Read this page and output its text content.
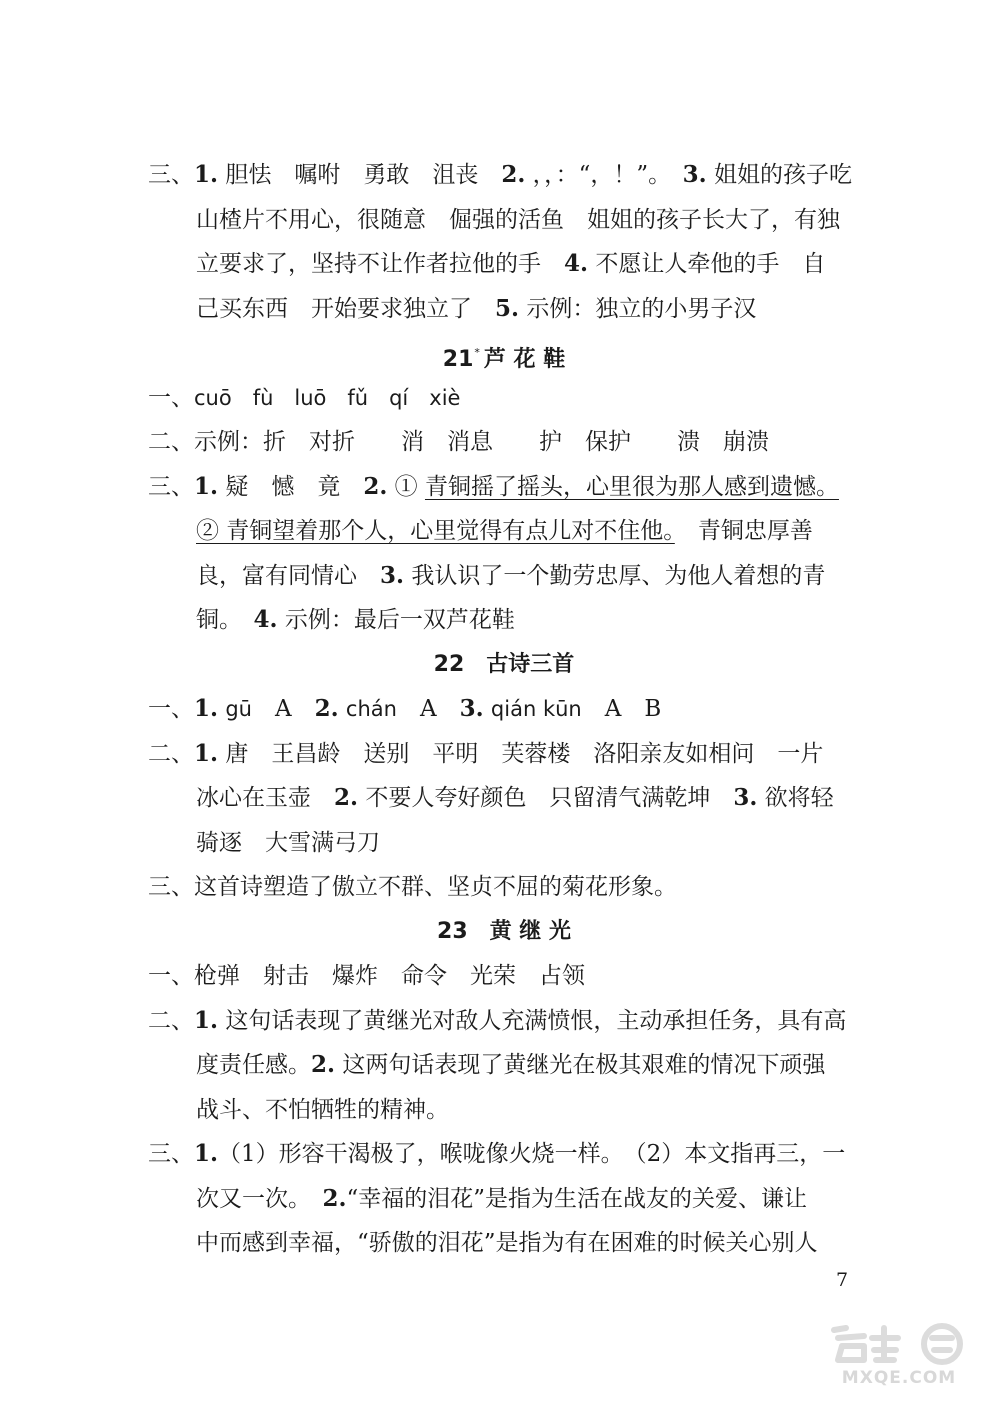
三、1. 胆怯　嘱咐　勇敢　沮丧　2. ，，：“，！”。　3. 姐姐的孩子吃
山楂片不用心，很随意　倔强的活鱼　姐姐的孩子长大了，有独
立要求了，坚持不让作者拉他的手　4. 不愿让人牵他的手　自
己买东西　开始要求独立了　5. 示例：独立的小男子汉
21* 芦 花 鞋
一、cuō　fù　luō　fǔ　qí　xiè
二、示例：折　对折　　消　消息　　护　保护　　溃　崩溃
三、1. 疑　憾　竟　2. ① 青铜摇了摇头，心里很为那人感到遗憾。
② 青铜望着那个人，心里觉得有点儿对不住他。　青铜忠厚善
良，富有同情心　3. 我认识了一个勤劳忠厚、为他人着想的青
铜。　4. 示例：最后一双芦花鞋
22  古诗三首
一、1. gū　A　2. chán　A　3. qián kūn　A　B
二、1. 唐　王昌龄　送别　平明　芙蓉楼　洛阳亲友如相问　一片
冰心在玉壶　2. 不要人夸好颜色　只留清气满乾坤　3. 欲将轻
骑逐　大雪满弓刀
三、这首诗塑造了傲立不群、坚贞不屈的菊花形象。
23  黄 继 光
一、枪弹　射击　爆炸　命令　光荣　占领
二、1. 这句话表现了黄继光对敌人充满愤恨，主动承担任务，具有高
度责任感。2. 这两句话表现了黄继光在极其艰难的情况下顽强
战斗、不怕牺牲的精神。
三、1.（1）形容干渴极了，喉咙像火烧一样。　（2）本文指再三，一
次又一次。　2.“幸福的泪花”是指为生活在战友的关爱、谦让
中而感到幸福，“骄傲的泪花”是指为有在困难的时候关心别人
7
MXQE.COM
